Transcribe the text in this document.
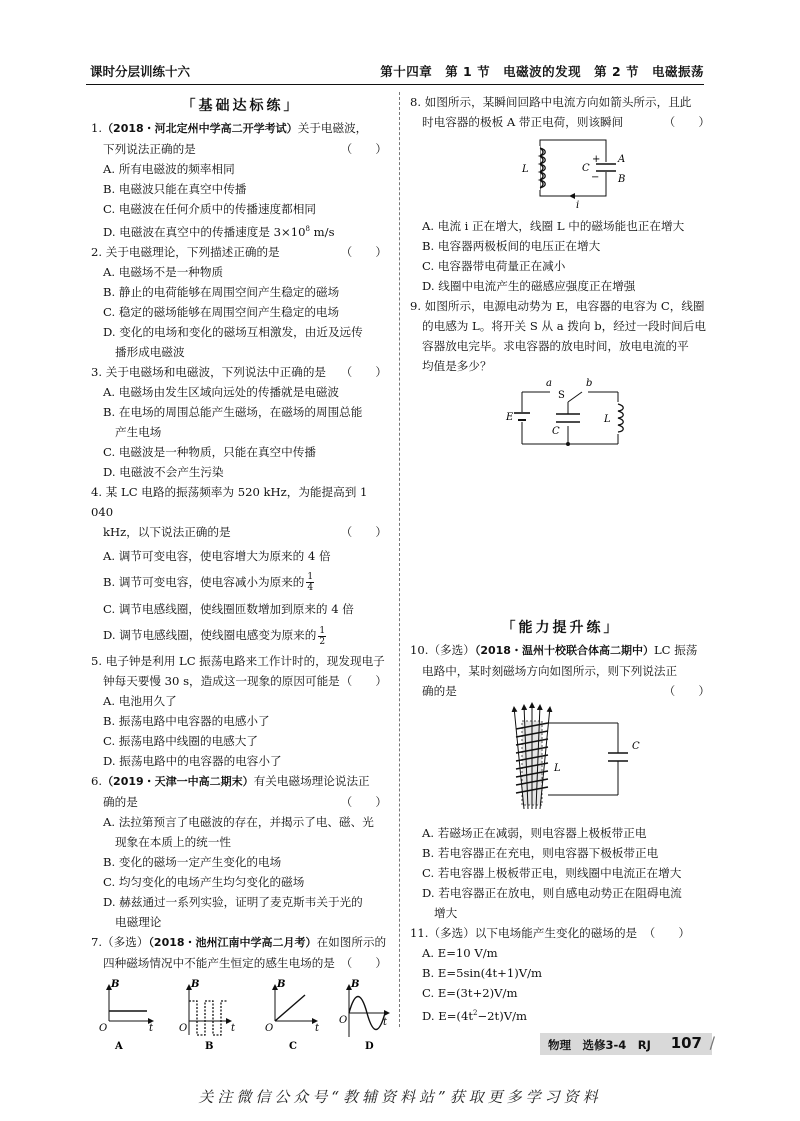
课时分层训练十六	第十四章　第 1 节　电磁波的发现　第 2 节　电磁振荡
「基础达标练」
1.（2018・河北定州中学高二开学考试）关于电磁波，
下列说法正确的是	（　　）
A. 所有电磁波的频率相同
B. 电磁波只能在真空中传播
C. 电磁波在任何介质中的传播速度都相同
D. 电磁波在真空中的传播速度是 $3\times 10^8$ m/s
2. 关于电磁理论，下列描述正确的是	（　　）
A. 电磁场不是一种物质
B. 静止的电荷能够在周围空间产生稳定的磁场
C. 稳定的磁场能够在周围空间产生稳定的电场
D. 变化的电场和变化的磁场互相激发，由近及远传
播形成电磁波
3. 关于电磁场和电磁波，下列说法中正确的是 （　　）
A. 电磁场由发生区域向远处的传播就是电磁波
B. 在电场的周围总能产生磁场，在磁场的周围总能
产生电场
C. 电磁波是一种物质，只能在真空中传播
D. 电磁波不会产生污染
4. 某 LC 电路的振荡频率为 520 kHz，为能提高到 1 040
kHz，以下说法正确的是	（　　）
A. 调节可变电容，使电容增大为原来的 4 倍
B. 调节可变电容，使电容减小为原来的 $\frac{1}{4}$
C. 调节电感线圈，使线圈匝数增加到原来的 4 倍
D. 调节电感线圈，使线圈电感变为原来的 $\frac{1}{2}$
5. 电子钟是利用 LC 振荡电路来工作计时的，现发现电子
钟每天要慢 30 s，造成这一现象的原因可能是 （　　）
A. 电池用久了
B. 振荡电路中电容器的电感小了
C. 振荡电路中线圈的电感大了
D. 振荡电路中的电容器的电容小了
6.（2019・天津一中高二期末）有关电磁场理论说法正
确的是	（　　）
A. 法拉第预言了电磁波的存在，并揭示了电、磁、光
现象在本质上的统一性
B. 变化的磁场一定产生变化的电场
C. 均匀变化的电场产生均匀变化的磁场
D. 赫兹通过一系列实验，证明了麦克斯韦关于光的
电磁理论
7.（多选）（2018・池州江南中学高二月考）在如图所示的
四种磁场情况中不能产生恒定的感生电场的是 （　　）
B
O	t
A
B
O	t
B
B
O	t
C
B
O	t
D
8. 如图所示，某瞬间回路中电流方向如箭头所示，且此
时电容器的极板 A 带正电荷，则该瞬间	（　　）
L	C
+
−
A
B
i
A. 电流 i 正在增大，线圈 L 中的磁场能也正在增大
B. 电容器两极板间的电压正在增大
C. 电容器带电荷量正在减小
D. 线圈中电流产生的磁感应强度正在增强
9. 如图所示，电源电动势为 E，电容器的电容为 C，线圈
的电感为 L。将开关 S 从 a 拨向 b，经过一段时间后电
容器放电完毕。求电容器的放电时间，放电电流的平
均值是多少？
a	b
S
E
C
L
「能力提升练」
10.（多选）（2018・温州十校联合体高二期中）LC 振荡
电路中，某时刻磁场方向如图所示，则下列说法正
确的是	（　　）
L
C
A. 若磁场正在减弱，则电容器上极板带正电
B. 若电容器正在充电，则电容器下极板带正电
C. 若电容器上极板带正电，则线圈中电流正在增大
D. 若电容器正在放电，则自感电动势正在阻碍电流
增大
11.（多选）以下电场能产生变化的磁场的是 （　　）
A. E=10 V/m
B. E=5sin(4t+1)V/m
C. E=(3t+2)V/m
D. $E=(4t^2-2t)V/m$
物理　选修3-4　RJ 107 /
关注微信公众号“教辅资料站”获取更多学习资料
